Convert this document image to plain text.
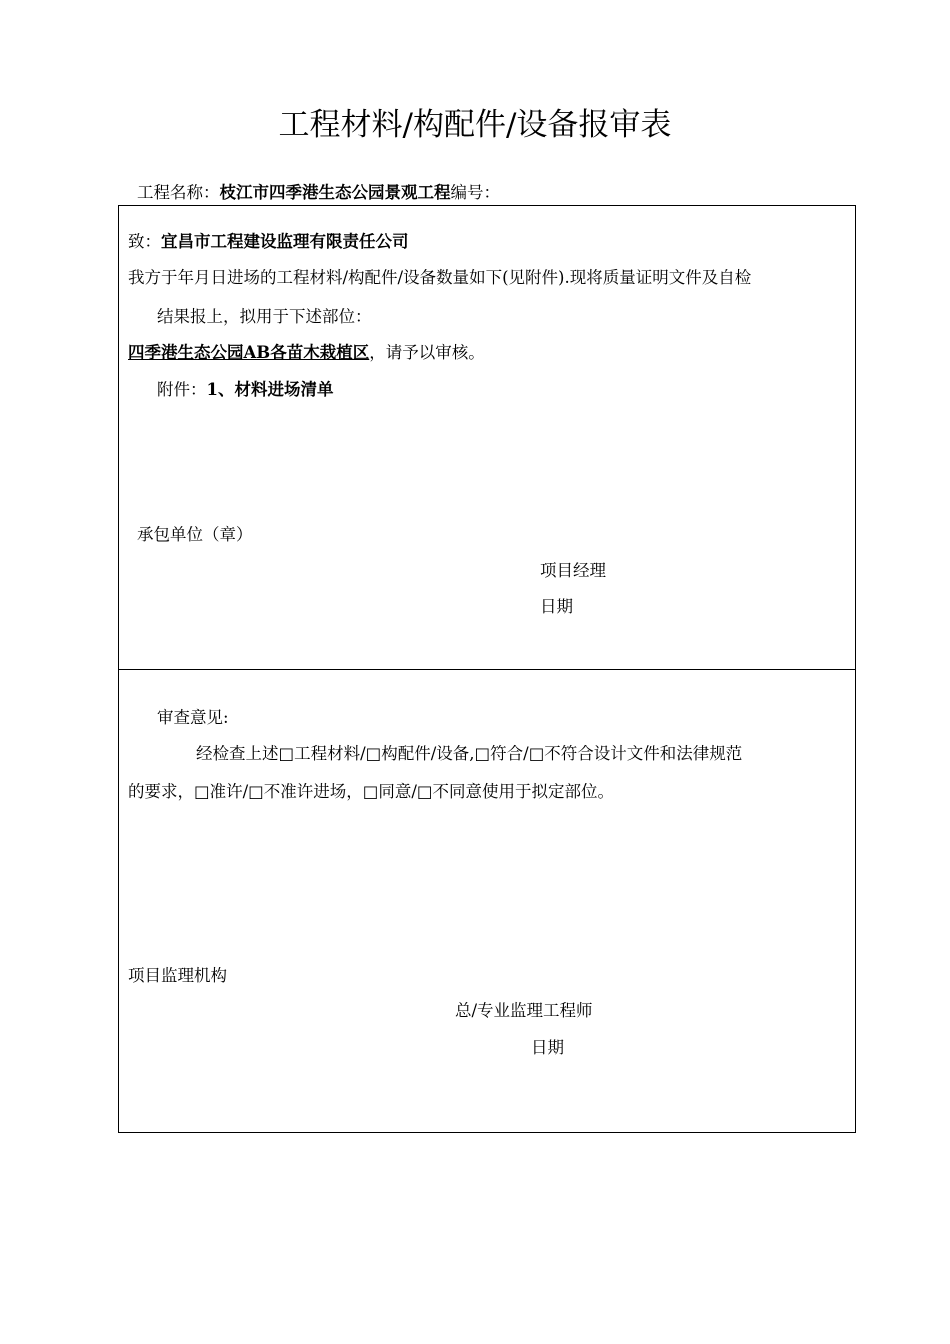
工程材料/构配件/设备报审表
工程名称：枝江市四季港生态公园景观工程编号：
致：宜昌市工程建设监理有限责任公司
我方于年月日进场的工程材料/构配件/设备数量如下(见附件).现将质量证明文件及自检
结果报上，拟用于下述部位：
四季港生态公园AB各苗木栽植区，请予以审核。
附件：1、材料进场清单
承包单位（章）
项目经理
日期
审查意见:
经检查上述□工程材料/□构配件/设备,□符合/□不符合设计文件和法律规范
的要求，□准许/□不准许进场，□同意/□不同意使用于拟定部位。
项目监理机构
总/专业监理工程师
日期
